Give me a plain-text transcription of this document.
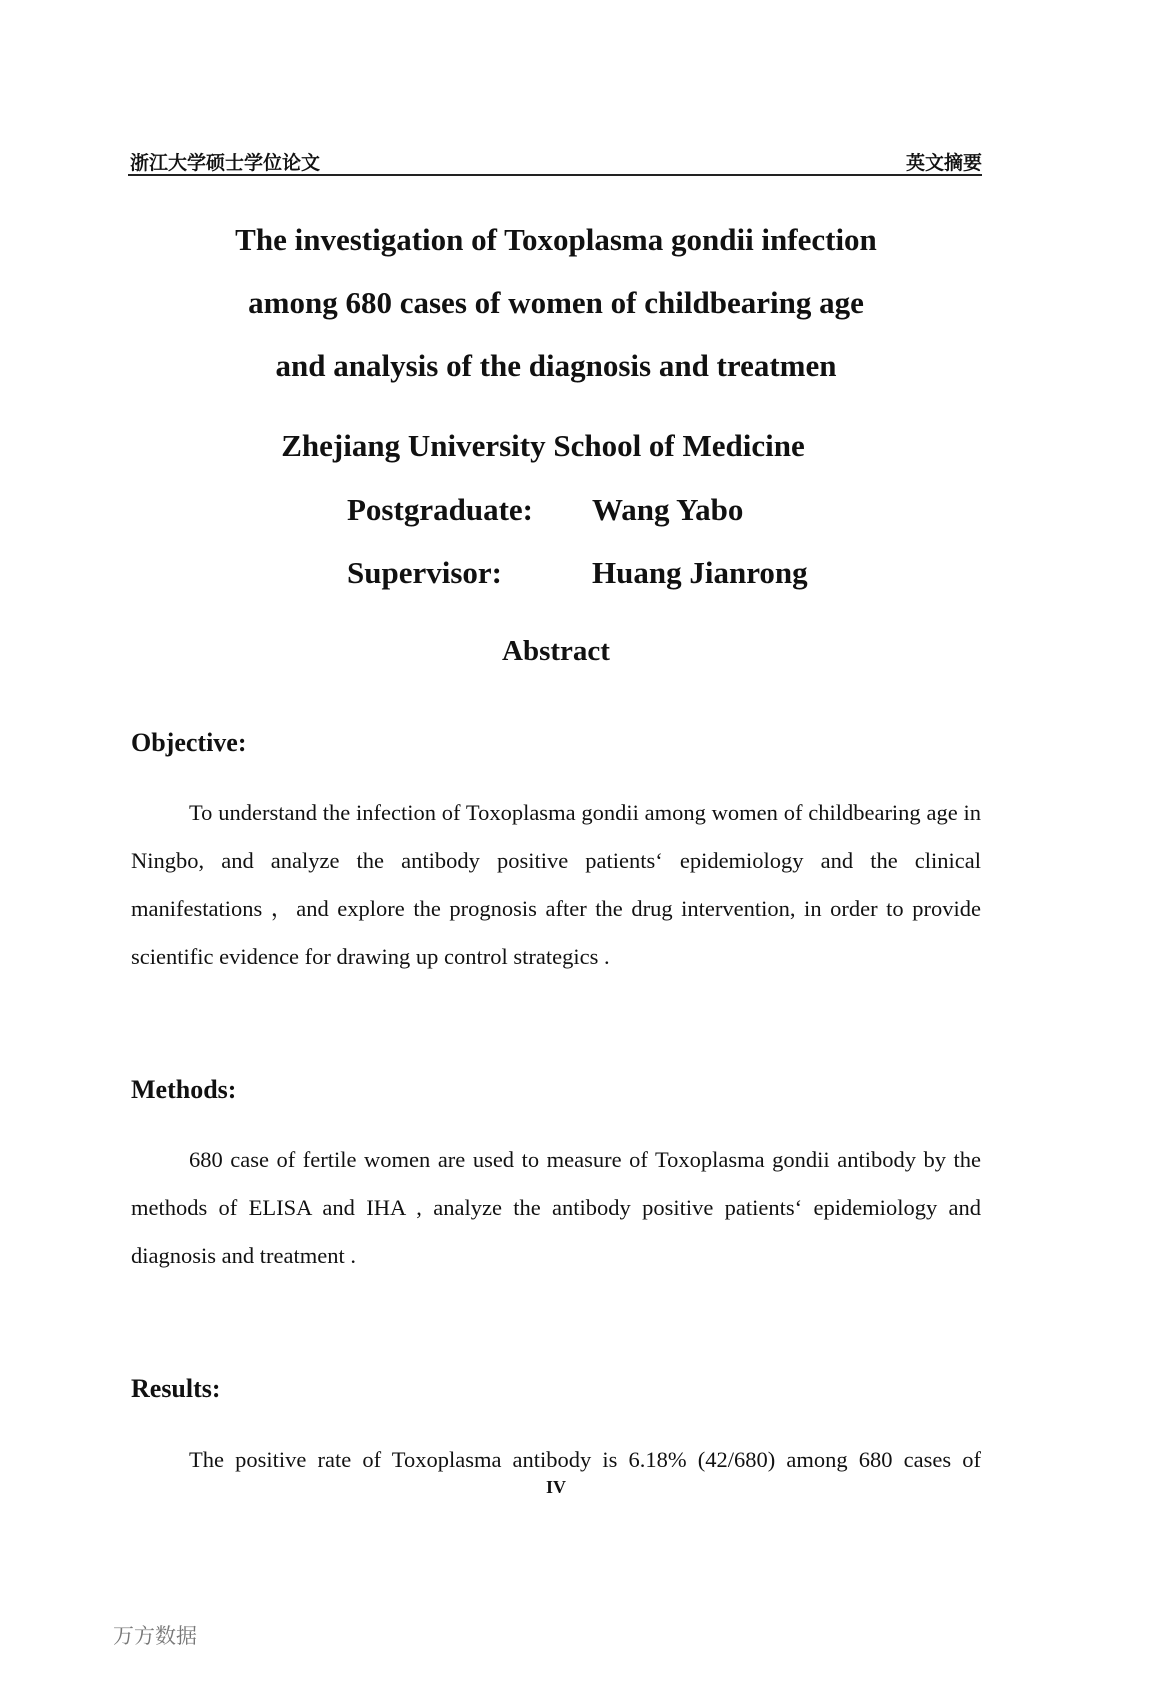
浙江大学硕士学位论文	英文摘要
The investigation of Toxoplasma gondii infection
among 680 cases of women of childbearing age
and analysis of the diagnosis and treatmen
Zhejiang University School of Medicine
Postgraduate: Wang Yabo
Supervisor:	Huang Jianrong
Abstract
Objective:
To understand the infection of Toxoplasma gondii among women of childbearing age in Ningbo, and analyze the antibody positive patients‘ epidemiology and the clinical manifestations ，and explore the prognosis after the drug intervention, in order to provide scientific evidence for drawing up control strategics .
Methods:
680 case of fertile women are used to measure of Toxoplasma gondii antibody by the methods of ELISA and IHA , analyze the antibody positive patients‘ epidemiology and diagnosis and treatment .
Results:
The positive rate of Toxoplasma antibody is 6.18% (42/680) among 680 cases of
IV
万方数据
